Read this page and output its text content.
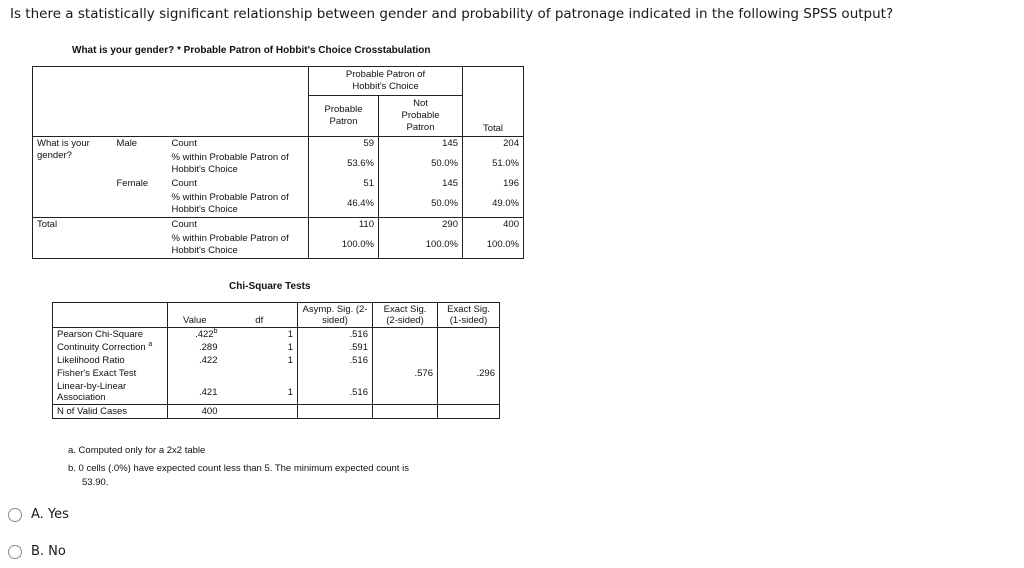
Is there a statistically significant relationship between gender and probability of patronage indicated in the following SPSS output?
What is your gender? * Probable Patron of Hobbit's Choice Crosstabulation
			Probable Patron of Hobbit's Choice		Total
			Probable Patron	Not Probable Patron	
What is your gender?	Male	Count	59	145	204
		% within Probable Patron of Hobbit's Choice	53.6%	50.0%	51.0%
	Female	Count	51	145	196
		% within Probable Patron of Hobbit's Choice	46.4%	50.0%	49.0%
Total		Count	110	290	400
		% within Probable Patron of Hobbit's Choice	100.0%	100.0%	100.0%
Chi-Square Tests
	Value	df	Asymp. Sig. (2-sided)	Exact Sig. (2-sided)	Exact Sig. (1-sided)
Pearson Chi-Square	.422$^b$	1	.516		
Continuity Correction $^a$	.289	1	.591		
Likelihood Ratio	.422	1	.516		
Fisher's Exact Test				.576	.296
Linear-by-Linear Association	.421	1	.516		
N of Valid Cases	400				
a. Computed only for a 2x2 table
b. 0 cells (.0%) have expected count less than 5. The minimum expected count is
53.90.
A. Yes
B. No
